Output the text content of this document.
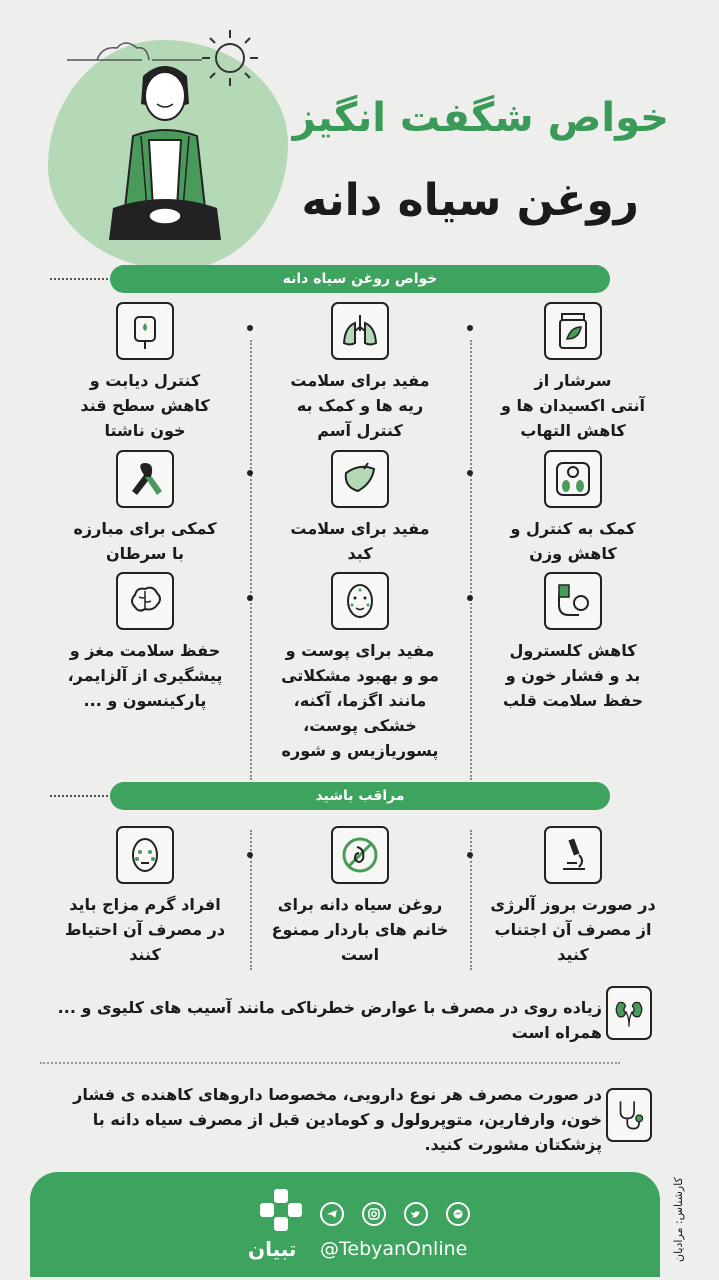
خواص شگفت انگیز
روغن سیاه دانه
خواص روغن سیاه دانه
سرشار از
آنتی اکسیدان ها و
کاهش التهاب
مفید برای سلامت
ریه ها و کمک به
کنترل آسم
کنترل دیابت و
کاهش سطح قند
خون ناشتا
کمک به کنترل و
کاهش وزن
مفید برای سلامت
کبد
کمکی برای مبارزه
با سرطان
کاهش کلسترول
بد و فشار خون و
حفظ سلامت قلب
مفید برای پوست و
مو و بهبود مشکلاتی
مانند اگزما، آکنه،
خشکی پوست،
پسوریازیس و شوره
حفظ سلامت مغز و
پیشگیری از آلزایمر،
پارکینسون و ...
مراقب باشید
در صورت بروز آلرژی
از مصرف آن اجتناب
کنید
روغن سیاه دانه برای
خانم های باردار ممنوع
است
افراد گرم مزاج باید
در مصرف آن احتیاط
کنند
زیاده روی در مصرف با عوارض خطرناکی مانند آسیب های کلیوی و ... همراه است
در صورت مصرف هر نوع دارویی، مخصوصا داروهای کاهنده ی فشار خون، وارفارین، متوپرولول و کومادین قبل از مصرف سیاه دانه با پزشکتان مشورت کنید.
تبیان @TebyanOnline	کارشناس: مرادیان
